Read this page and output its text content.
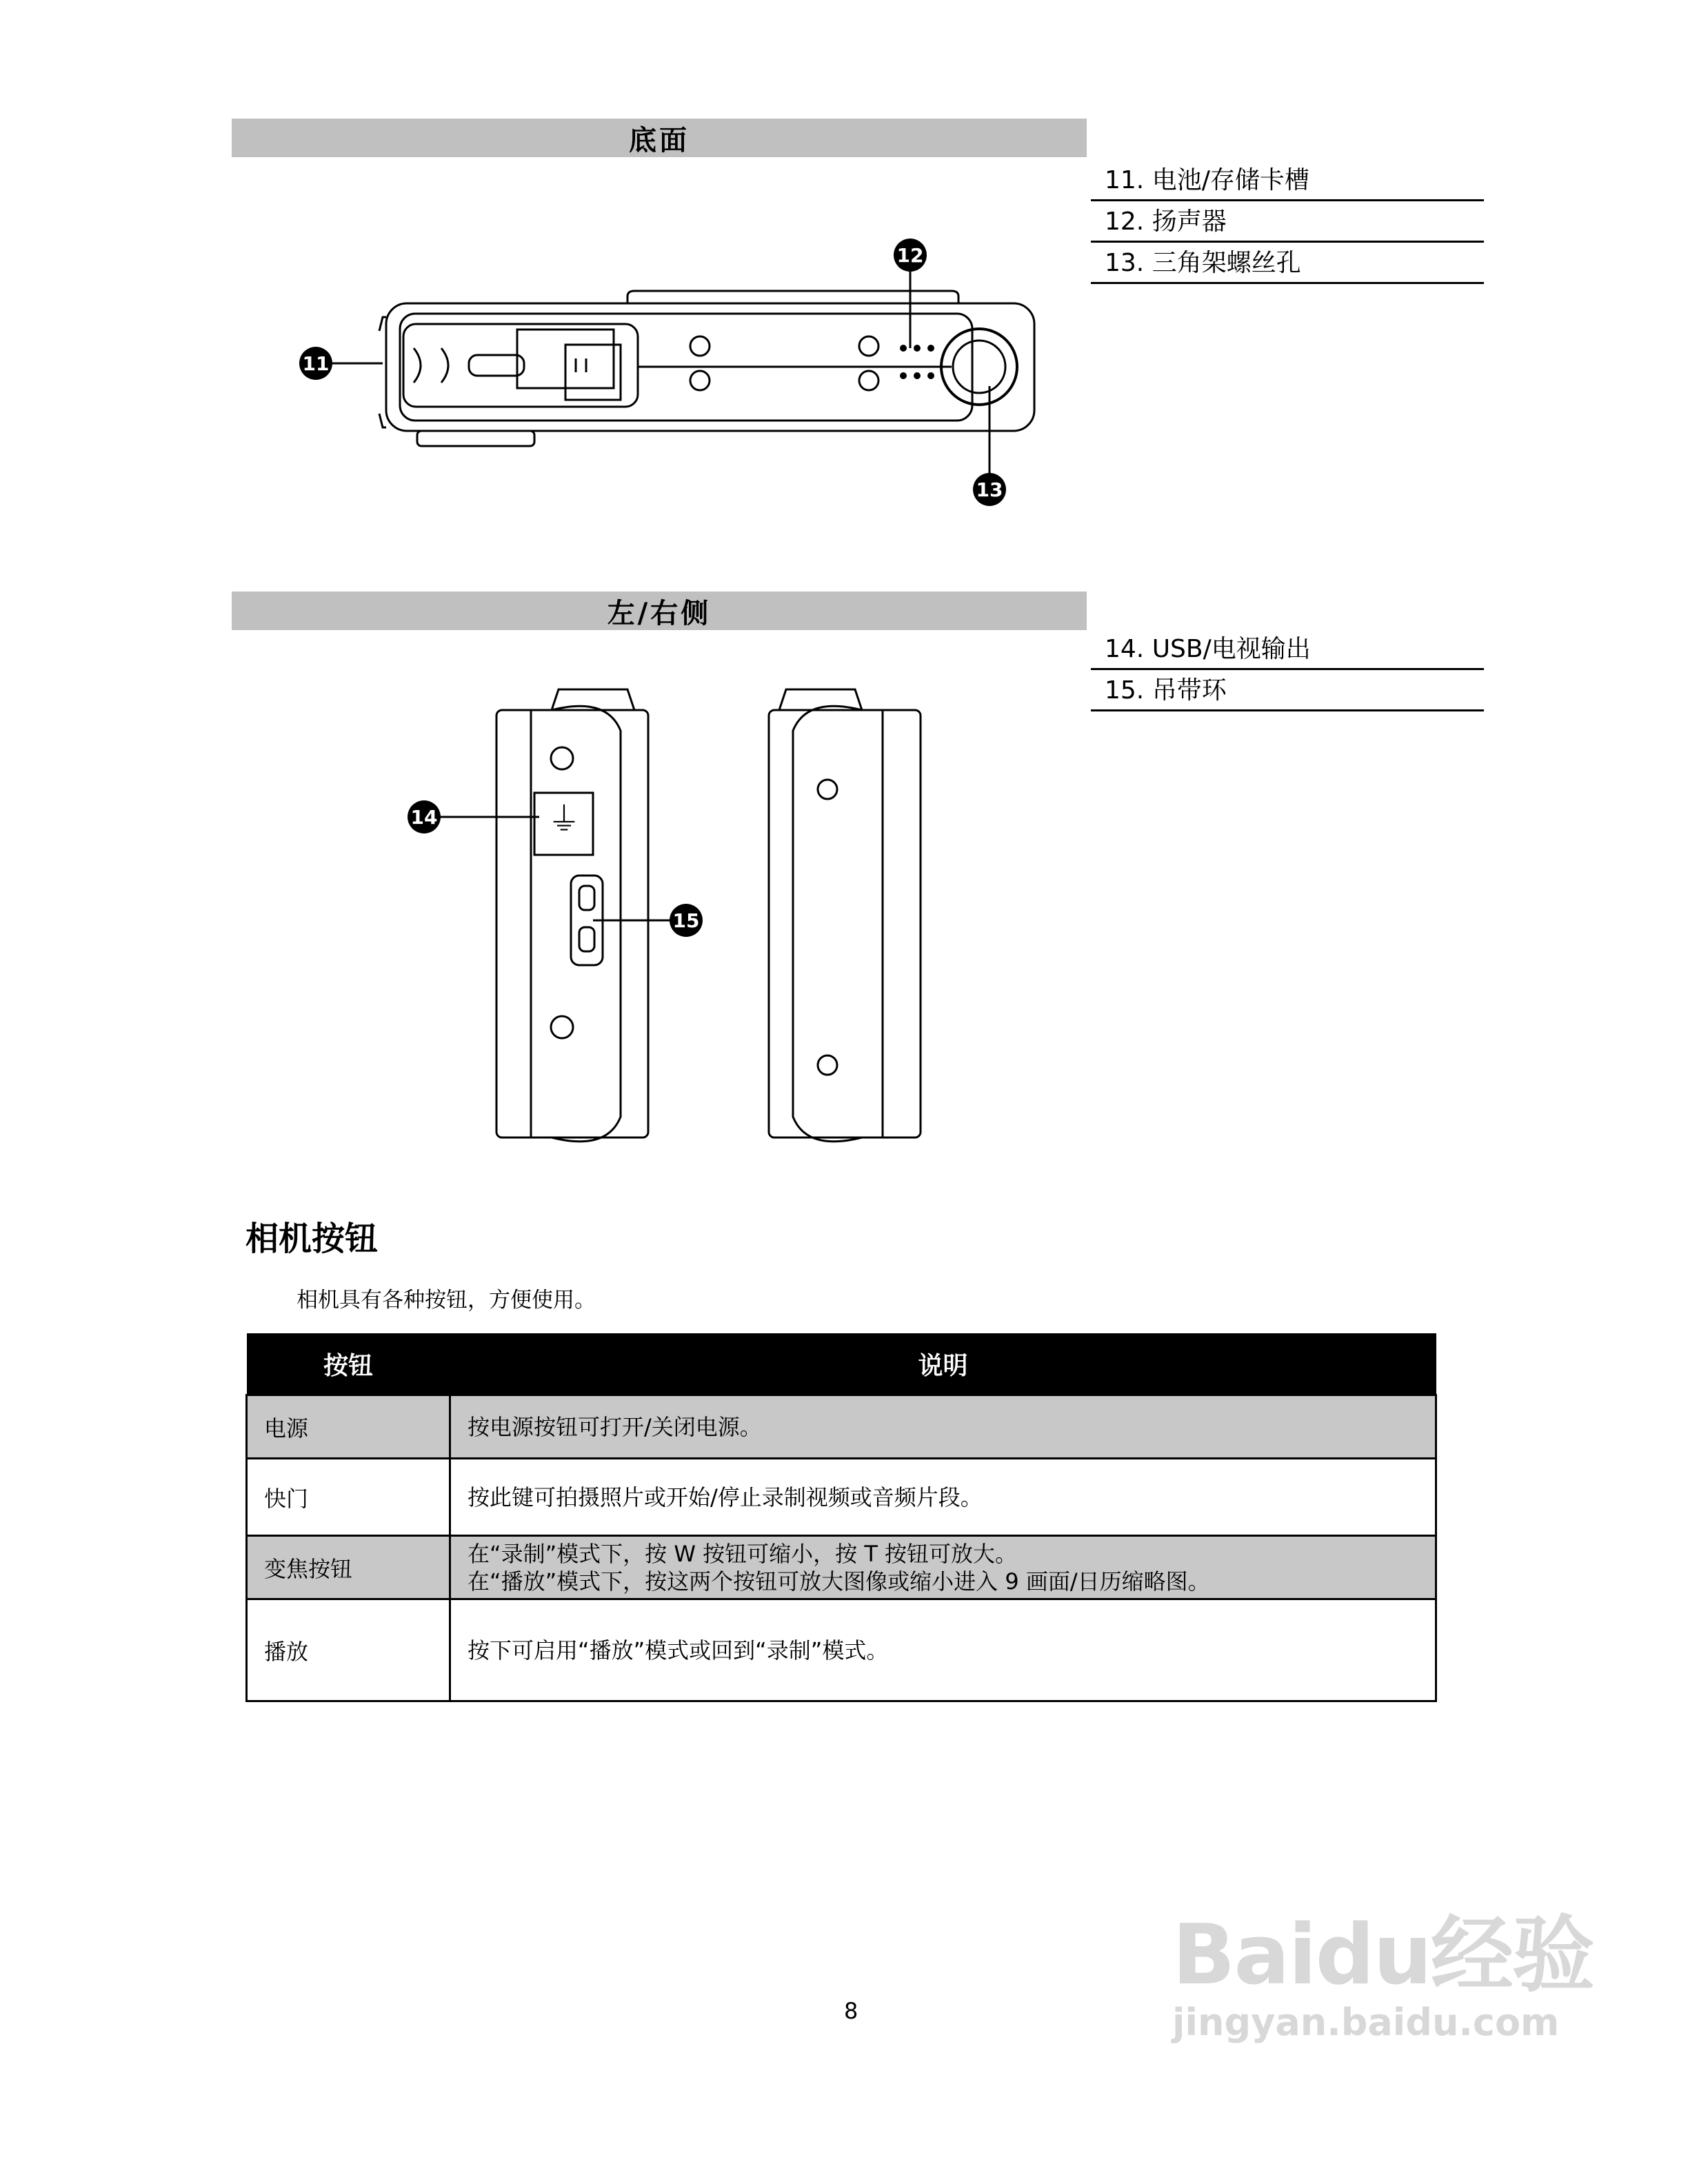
底面
11. 电池/存储卡槽
12. 扬声器
13. 三角架螺丝孔
11
12
13
左/右侧
14. USB/电视输出
15. 吊带环
⏚
14
15
相机按钮
相机具有各种按钮，方便使用。
按钮	说明
电源	按电源按钮可打开/关闭电源。

快门	按此键可拍摄照片或开始/停止录制视频或音频片段。

变焦按钮	在“录制”模式下，按 W 按钮可缩小，按 T 按钮可放大。
在“播放”模式下，按这两个按钮可放大图像或缩小进入 9 画面/日历缩略图。

播放	按下可启用“播放”模式或回到“录制”模式。
8
Baidu经验
jingyan.baidu.com
